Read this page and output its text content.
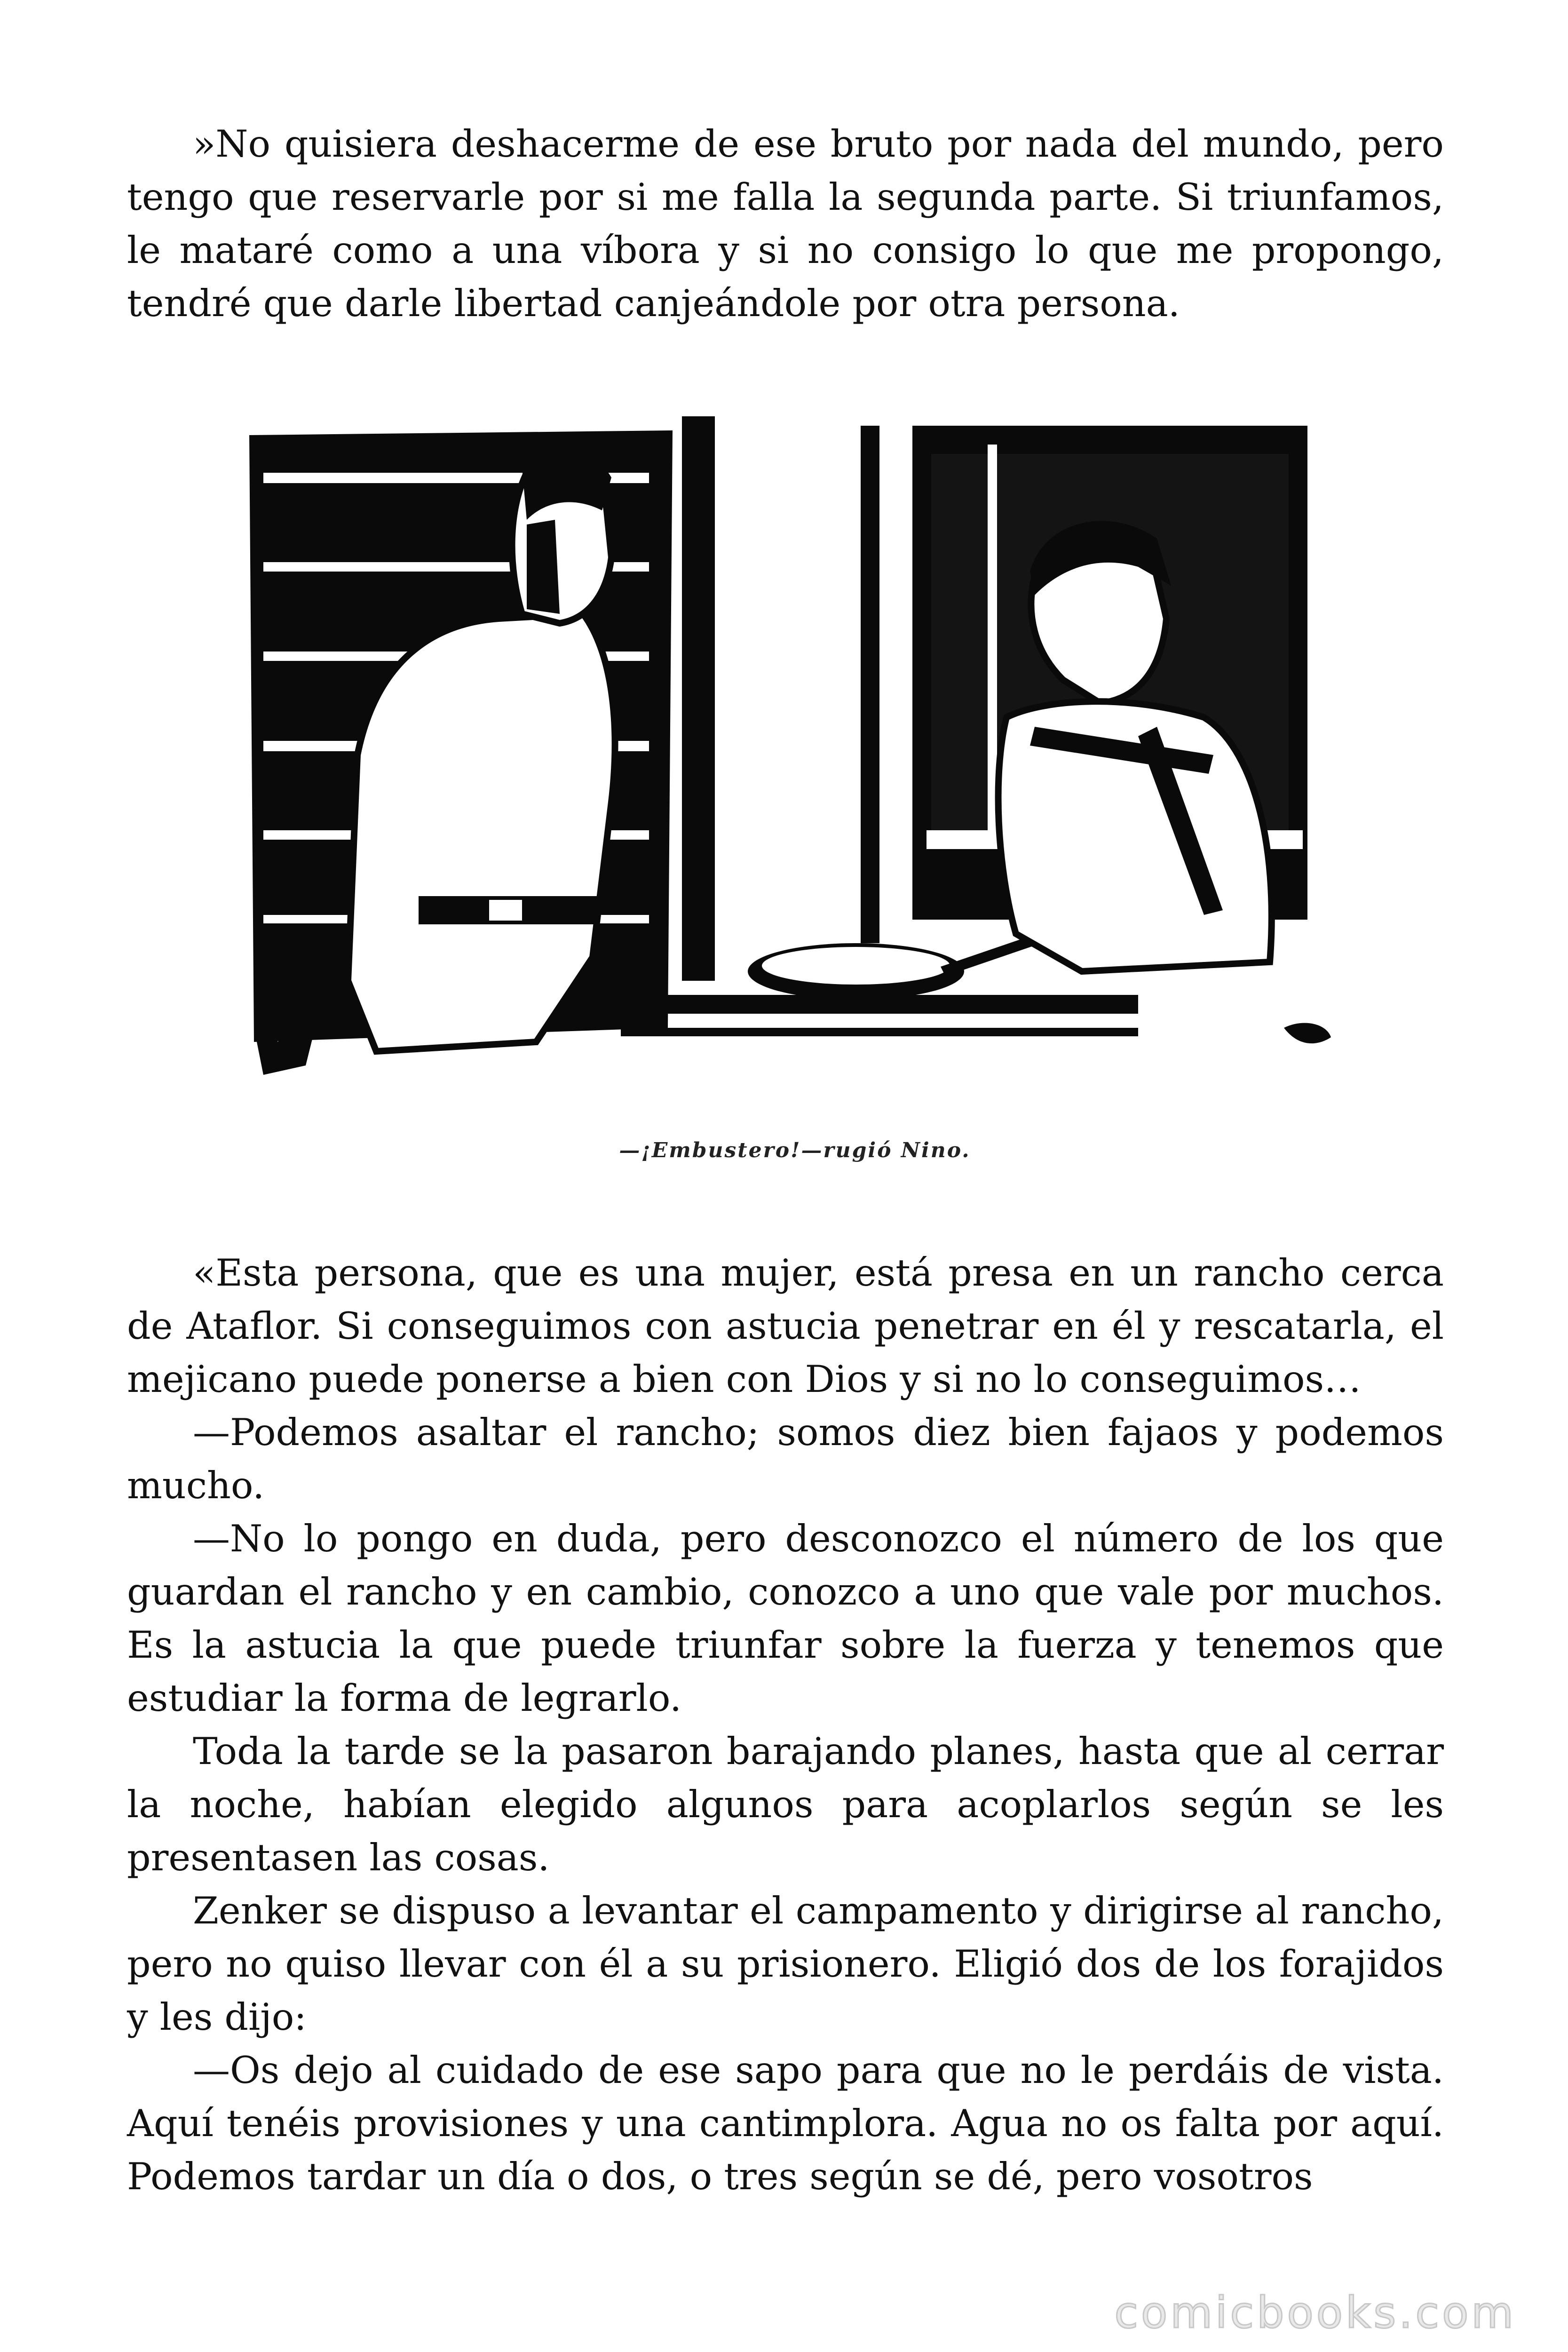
»No quisiera deshacerme de ese bruto por nada del mundo, pero tengo que reservarle por si me falla la segunda parte. Si triunfamos, le mataré como a una víbora y si no consigo lo que me propongo, tendré que darle libertad canjeándole por otra persona.

—¡Embustero!—rugió Nino.

«Esta persona, que es una mujer, está presa en un rancho cerca de Ataflor. Si conseguimos con astucia penetrar en él y rescatarla, el mejicano puede ponerse a bien con Dios y si no lo conseguimos…

—Podemos asaltar el rancho; somos diez bien fajaos y podemos mucho.

—No lo pongo en duda, pero desconozco el número de los que guardan el rancho y en cambio, conozco a uno que vale por muchos. Es la astucia la que puede triunfar sobre la fuerza y tenemos que estudiar la forma de legrarlo.

Toda la tarde se la pasaron barajando planes, hasta que al cerrar la noche, habían elegido algunos para acoplarlos según se les presentasen las cosas.

Zenker se dispuso a levantar el campamento y dirigirse al rancho, pero no quiso llevar con él a su prisionero. Eligió dos de los forajidos y les dijo:

—Os dejo al cuidado de ese sapo para que no le perdáis de vista. Aquí tenéis provisiones y una cantimplora. Agua no os falta por aquí. Podemos tardar un día o dos, o tres según se dé, pero vosotros

comicbooks.com
